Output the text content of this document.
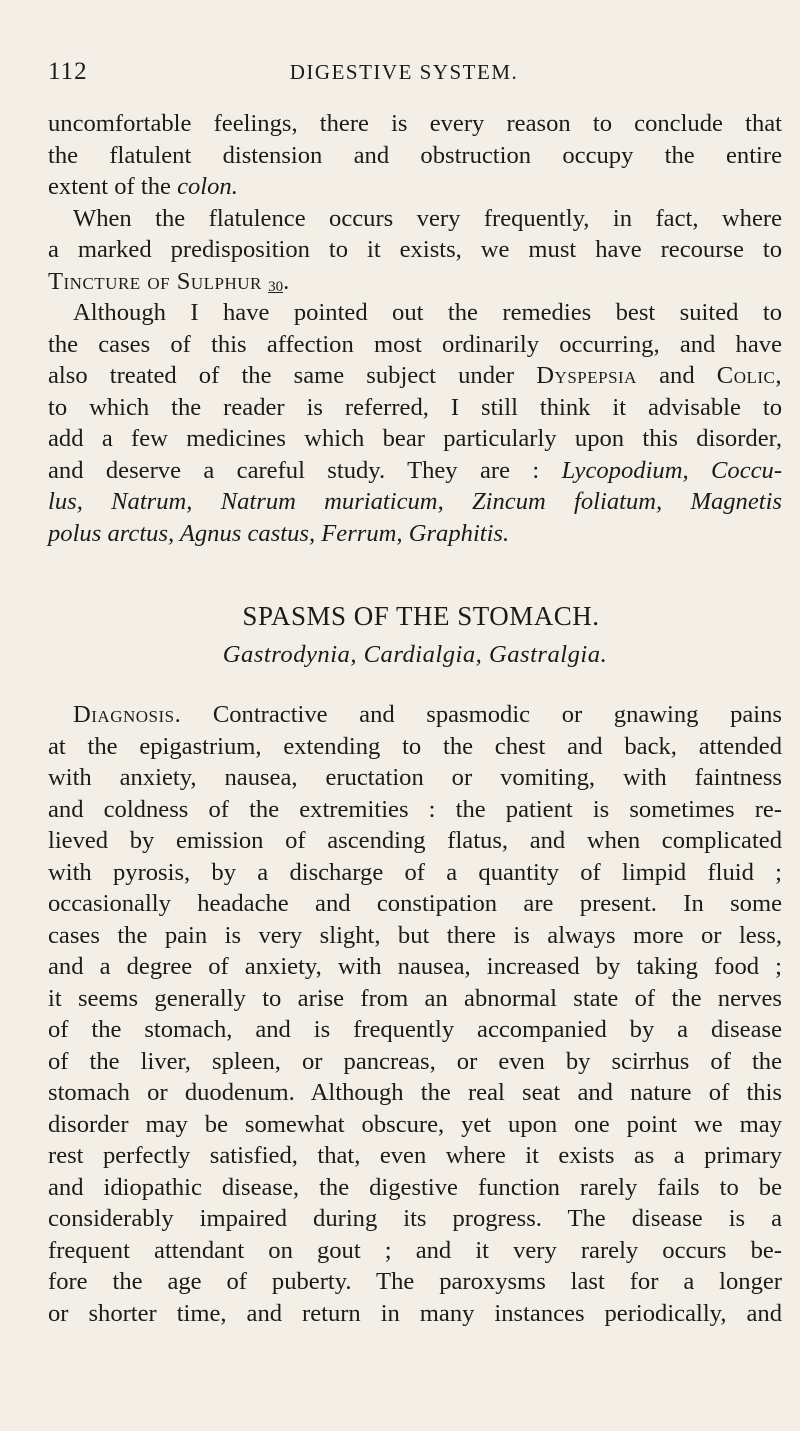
112	DIGESTIVE SYSTEM.
uncomfortable feelings, there is every reason to conclude that
the flatulent distension and obstruction occupy the entire
extent of the colon.
When the flatulence occurs very frequently, in fact, where
a marked predisposition to it exists, we must have recourse to
Tincture of Sulphur 30.
Although I have pointed out the remedies best suited to
the cases of this affection most ordinarily occurring, and have
also treated of the same subject under Dyspepsia and Colic,
to which the reader is referred, I still think it advisable to
add a few medicines which bear particularly upon this disorder,
and deserve a careful study. They are : Lycopodium, Coccu-
lus, Natrum, Natrum muriaticum, Zincum foliatum, Magnetis
polus arctus, Agnus castus, Ferrum, Graphitis.
SPASMS OF THE STOMACH.
Gastrodynia, Cardialgia, Gastralgia.
Diagnosis. Contractive and spasmodic or gnawing pains
at the epigastrium, extending to the chest and back, attended
with anxiety, nausea, eructation or vomiting, with faintness
and coldness of the extremities : the patient is sometimes re-
lieved by emission of ascending flatus, and when complicated
with pyrosis, by a discharge of a quantity of limpid fluid ;
occasionally headache and constipation are present. In some
cases the pain is very slight, but there is always more or less,
and a degree of anxiety, with nausea, increased by taking food ;
it seems generally to arise from an abnormal state of the nerves
of the stomach, and is frequently accompanied by a disease
of the liver, spleen, or pancreas, or even by scirrhus of the
stomach or duodenum. Although the real seat and nature of this
disorder may be somewhat obscure, yet upon one point we may
rest perfectly satisfied, that, even where it exists as a primary
and idiopathic disease, the digestive function rarely fails to be
considerably impaired during its progress. The disease is a
frequent attendant on gout ; and it very rarely occurs be-
fore the age of puberty. The paroxysms last for a longer
or shorter time, and return in many instances periodically, and
